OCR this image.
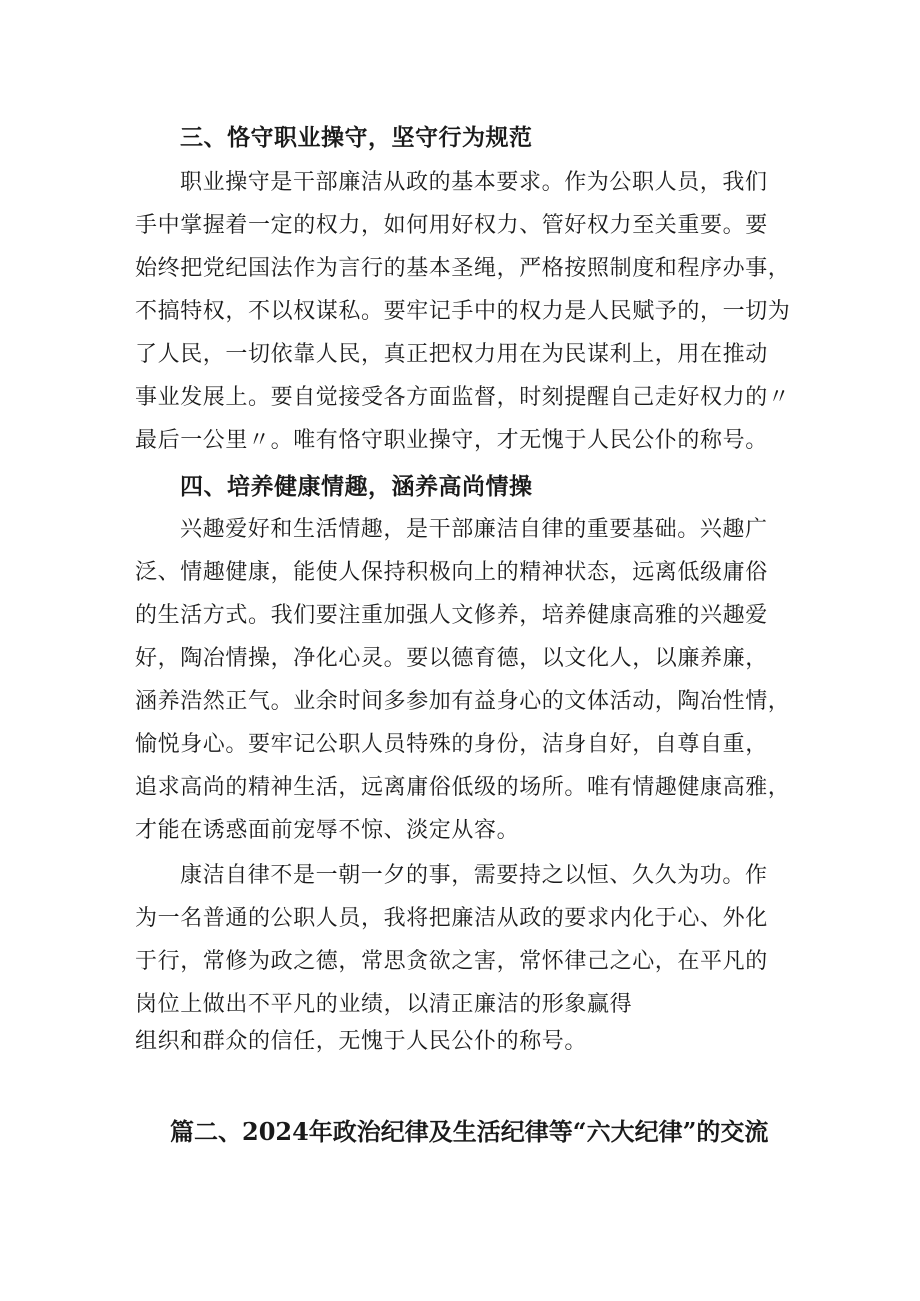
三、恪守职业操守，坚守行为规范
职业操守是干部廉洁从政的基本要求。作为公职人员，我们
手中掌握着一定的权力，如何用好权力、管好权力至关重要。要
始终把党纪国法作为言行的基本圣绳，严格按照制度和程序办事，
不搞特权，不以权谋私。要牢记手中的权力是人民赋予的，一切为
了人民，一切依靠人民，真正把权力用在为民谋利上，用在推动
事业发展上。要自觉接受各方面监督，时刻提醒自己走好权力的〃
最后一公里〃。唯有恪守职业操守，才无愧于人民公仆的称号。
四、培养健康情趣，涵养高尚情操
兴趣爱好和生活情趣，是干部廉洁自律的重要基础。兴趣广
泛、情趣健康，能使人保持积极向上的精神状态，远离低级庸俗
的生活方式。我们要注重加强人文修养，培养健康高雅的兴趣爱
好，陶冶情操，净化心灵。要以德育德，以文化人，以廉养廉，
涵养浩然正气。业余时间多参加有益身心的文体活动，陶冶性情，
愉悦身心。要牢记公职人员特殊的身份，洁身自好，自尊自重，
追求高尚的精神生活，远离庸俗低级的场所。唯有情趣健康高雅，
才能在诱惑面前宠辱不惊、淡定从容。
康洁自律不是一朝一夕的事，需要持之以恒、久久为功。作
为一名普通的公职人员，我将把廉洁从政的要求内化于心、外化
于行，常修为政之德，常思贪欲之害，常怀律己之心，在平凡的
岗位上做出不平凡的业绩，以清正廉洁的形象赢得
组织和群众的信任，无愧于人民公仆的称号。
篇二、2024年政治纪律及生活纪律等“六大纪律”的交流
